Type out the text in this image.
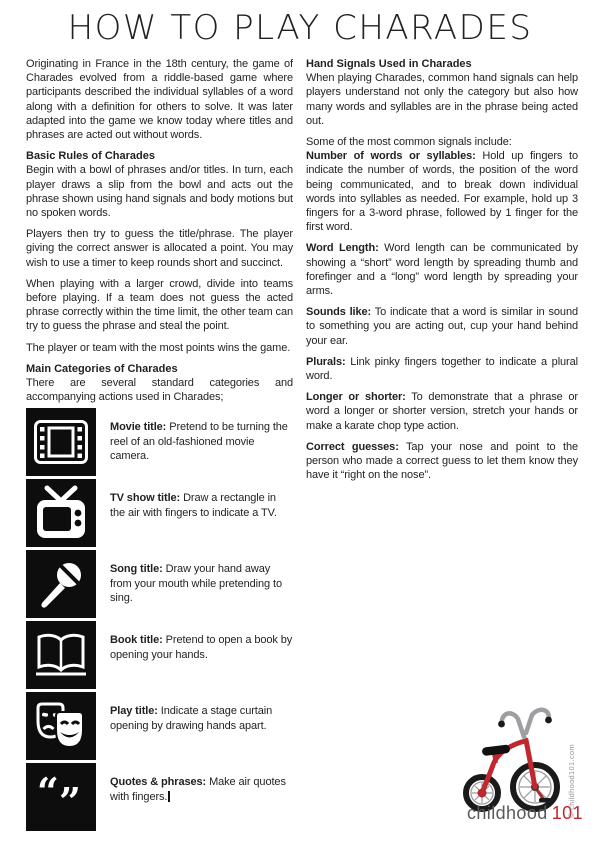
HOW TO PLAY CHARADES

Originating in France in the 18th century, the game of Charades evolved from a riddle-based game where participants described the individual syllables of a word along with a definition for others to solve. It was later adapted into the game we know today where titles and phrases are acted out without words.

Basic Rules of Charades

Begin with a bowl of phrases and/or titles. In turn, each player draws a slip from the bowl and acts out the phrase shown using hand signals and body motions but no spoken words.

Players then try to guess the title/phrase. The player giving the correct answer is allocated a point. You may wish to use a timer to keep rounds short and succinct.

When playing with a larger crowd, divide into teams before playing. If a team does not guess the acted phrase correctly within the time limit, the other team can try to guess the phrase and steal the point.

The player or team with the most points wins the game.

Main Categories of Charades

There are several standard categories and accompanying actions used in Charades;

Movie title: Pretend to be turning the reel of an old-fashioned movie camera.

TV show title: Draw a rectangle in the air with fingers to indicate a TV.

Song title: Draw your hand away from your mouth while pretending to sing.

Book title: Pretend to open a book by opening your hands.

Play title: Indicate a stage curtain opening by drawing hands apart.

“ ”	Quotes & phrases: Make air quotes with fingers.

Hand Signals Used in Charades

When playing Charades, common hand signals can help players understand not only the category but also how many words and syllables are in the phrase being acted out.

Some of the most common signals include:

Number of words or syllables: Hold up fingers to indicate the number of words, the position of the word being communicated, and to break down individual words into syllables as needed. For example, hold up 3 fingers for a 3-word phrase, followed by 1 finger for the first word.

Word Length: Word length can be communicated by showing a “short” word length by spreading thumb and forefinger and a “long” word length by spreading your arms.

Sounds like: To indicate that a word is similar in sound to something you are acting out, cup your hand behind your ear.

Plurals: Link pinky fingers together to indicate a plural word.

Longer or shorter: To demonstrate that a phrase or word a longer or shorter version, stretch your hands or make a karate chop type action.

Correct guesses: Tap your nose and point to the person who made a correct guess to let them know they have it “right on the nose”.

childhood  101
© childhood101.com
